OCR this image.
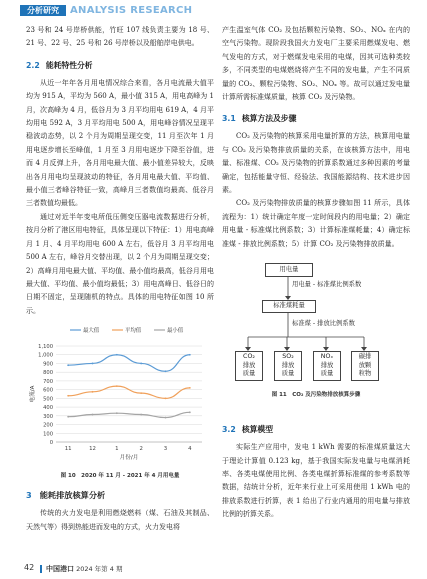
分析研究	ANALYSIS RESEARCH

23 号和 24 号岸桥供能，竹旺 107 线负责主要为 18 号、21 号、22 号、25 号和 26 号岸桥以及船舶岸电供电。

2.2 能耗特性分析

从近一年年各月用电情况综合来看，各月电流最大值平均为 915 A，平均为 560 A，最小值 315 A，用电高峰为 1 月，次高峰为 4 月，低谷月为 3 月平均用电 619 A，4 月平均用电 592 A，3 月平均用电 500 A，用电峰谷情况呈现平稳波动态势，以 2 个月为周期呈现交变，11 月至次年 1 月用电逐步增长至峰值，1 月至 3 月用电逐步下降至谷值，进而 4 月反弹上升，各月用电最大值、最小值差异较大，反映出各月用电均呈现波动的特征，各月用电最大值、平均值、最小值三者峰谷特征一致，高峰月三者数值均最高、低谷月三者数值均最低。

通过对近半年变电所低压侧变压器电流数据进行分析，按月分析了港区用电特征，具体呈现以下特征：1）用电高峰月 1 月、4 月平均用电 600 A 左右，低谷月 3 月平均用电 500 A 左右，峰谷月交替出现，以 2 个月为周期呈现交变；2）高峰月用电最大值、平均值、最小值均最高，低谷月用电最大值、平均值、最小值均最低；3）用电高峰日、低谷日的日期不固定，呈现随机的特点。具体的用电特征如图 10 所示。

0
100
200
300
400
500
600
700
800
900
1,000
1,100
11	12	1	2	3	4
月份/月
电流/A
最大值	平均值	最小值
图 10　2020 年 11 月 - 2021 年 4 月用电量
3 能耗排放核算分析

传统的火力发电是利用燃烧燃料（煤、石油及其制品、天然气等）得到热能进而发电的方式，火力发电将

产生温室气体 CO₂ 及包括颗粒污染物、SO₂、NOₓ 在内的空气污染物。现阶段我国火力发电厂主要采用燃煤发电、燃气发电的方式，对于燃煤发电采用的电煤，因其可选种类较多，不同类型的电煤燃烧将产生不同的发电量，产生不同质量的 CO₂、颗粒污染物、SO₂、NOₓ 等。故可以通过发电量计算所需标准煤质量，核算 CO₂ 及污染物。

3.1 核算方法及步骤

CO₂ 及污染物的核算采用电量折算的方法，核算用电量与 CO₂ 及污染物排放质量的关系，在该核算方法中，用电量、标准煤、CO₂ 及污染物的折算系数通过多种因素的考量确定，包括能量守恒、经验法、我国能源结构、技术进步因素。

CO₂ 及污染物排放质量的核算步骤如图 11 所示，具体流程为：1）统计确定年度一定时间段内的用电量；2）确定用电量 - 标准煤比例系数；3）计算标准煤耗量；4）确定标准煤 - 排放比例系数；5）计算 CO₂ 及污染物排放质量。

用电量
用电量 - 标准煤比例系数
标准煤耗量
标准煤 - 排放比例系数
CO₂
排放
质量
SO₂
排放
质量
NOₓ
排放
质量
碳排
放颗
粒物
图 11　CO₂ 及污染物排放核算步骤
3.2 核算模型

实际生产应用中，发电 1 kWh 需要的标准煤质量这大于理论计算值 0.123 kg，基于我国实际发电量与电煤消耗率、各类电煤使用比例、各类电煤折算标准煤的参考系数等数据，结统计分析，近年来行业上可采用使用 1 kWh 电的排放系数进行折算，表 1 给出了行业内通用的用电量与排放比例的折算关系。

42 中国港口 2024 年第 4 期
